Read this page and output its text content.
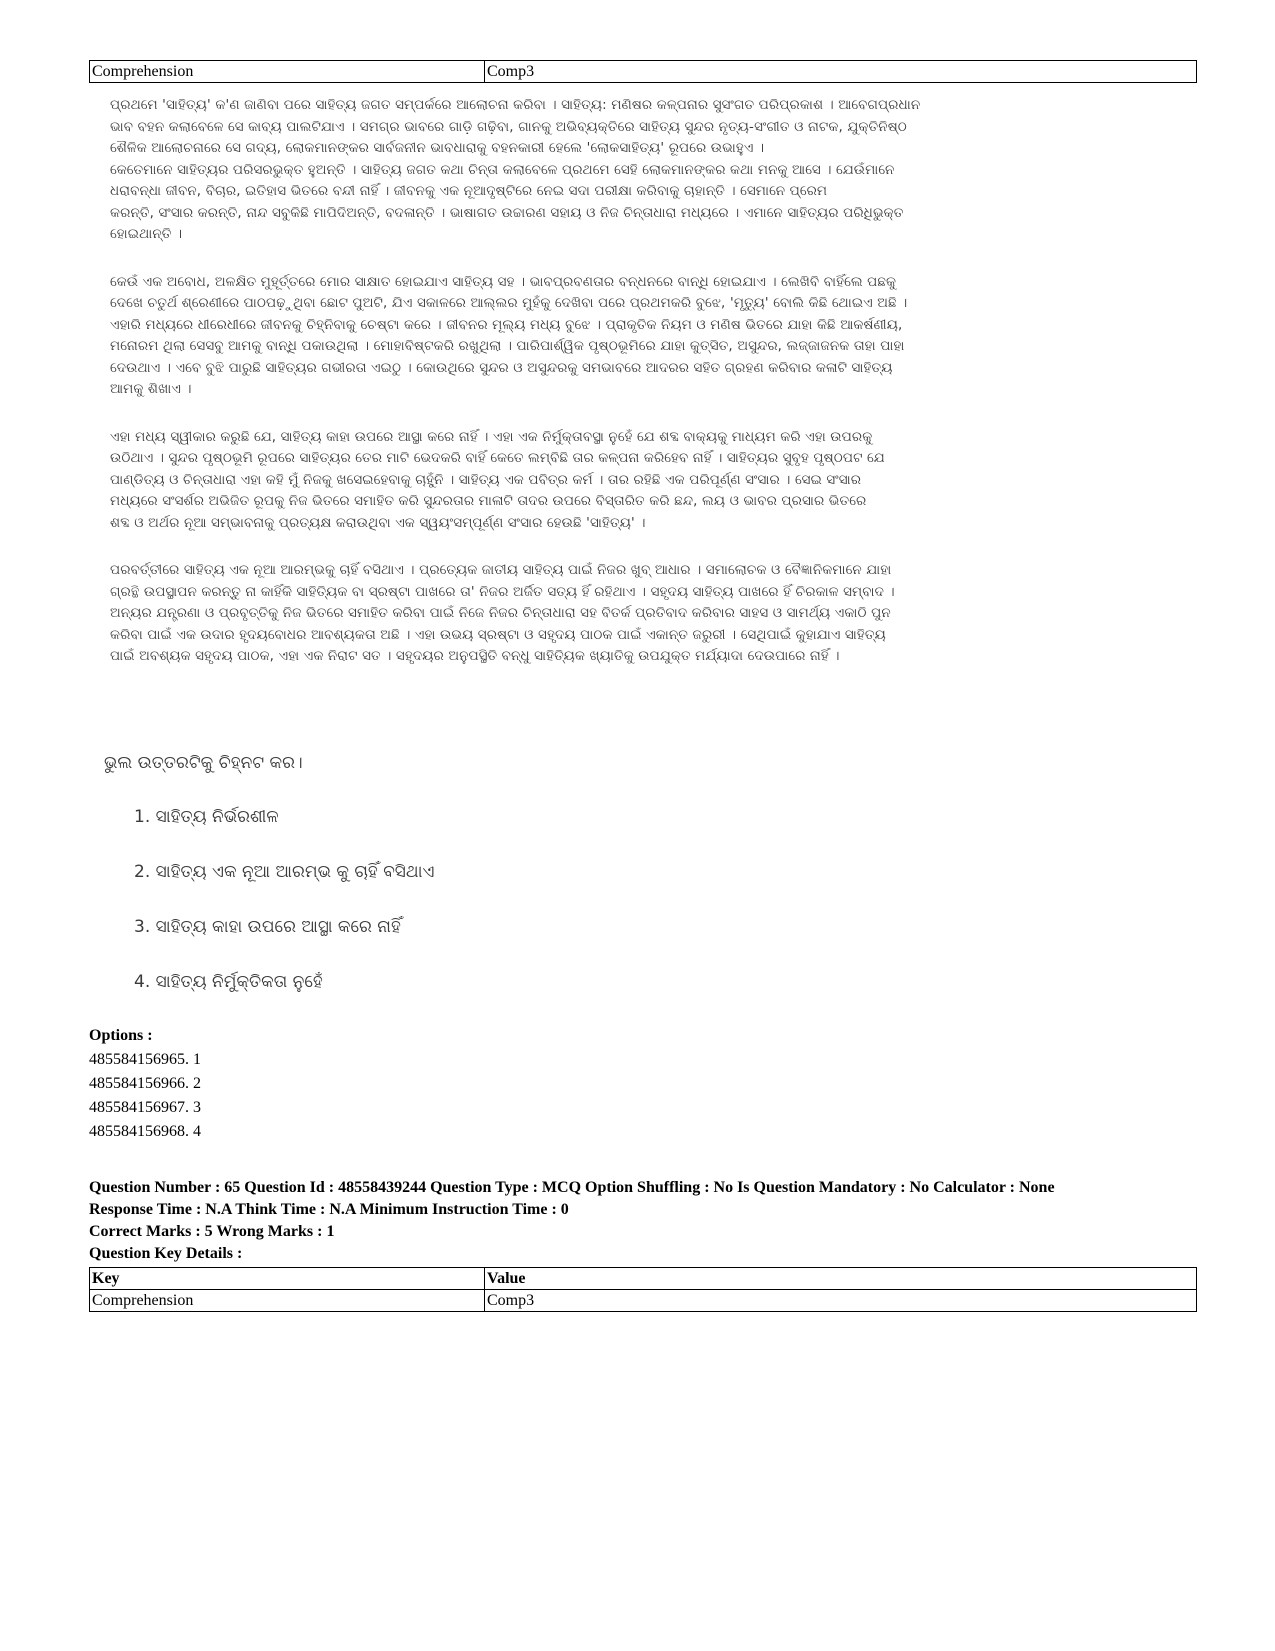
Comprehension	Comp3
ପ୍ରଥମେ 'ସାହିତ୍ୟ' କ'ଣ ଜାଣିବା ପରେ ସାହିତ୍ୟ ଜଗତ ସମ୍ପର୍କରେ ଆଲୋଚନା କରିବା । ସାହିତ୍ୟ: ମଣିଷର କଳ୍ପନାର ସୁସଂଗତ ପରିପ୍ରକାଶ । ଆବେଗପ୍ରଧାନ
ଭାବ ବହନ କଲାବେଳେ ସେ କାବ୍ୟ ପାଲଟିଯାଏ । ସମଗ୍ର ଭାବରେ ଗାଡ଼ି ଗଢ଼ିବା, ଗାନକୁ ଅଭିବ୍ୟକ୍ତିରେ ସାହିତ୍ୟ ସୁନ୍ଦର ନୃତ୍ୟ-ସଂଗୀତ ଓ ନାଟକ, ଯୁକ୍ତିନିଷ୍ଠ
ଶୈଳିକ ଆଲୋଚନାରେ ସେ ଗଦ୍ୟ, ଲୋକମାନଙ୍କର ସାର୍ବଜନୀନ ଭାବଧାରାକୁ ବହନକାରୀ ହେଲେ 'ଲୋକସାହିତ୍ୟ' ରୂପରେ ଉଭାହୁଏ ।
କେତେମାନେ ସାହିତ୍ୟର ପରିସରଭୁକ୍ତ ହୁଅନ୍ତି । ସାହିତ୍ୟ ଜଗତ କଥା ଚିନ୍ତା କଲାବେଳେ ପ୍ରଥମେ ସେହି ଲୋକମାନଙ୍କର କଥା ମନକୁ ଆସେ । ଯେଉଁମାନେ
ଧରାବନ୍ଧା ଜୀବନ, ବିଚାର, ଇତିହାସ ଭିତରେ ବନ୍ଦୀ ନାହିଁ । ଜୀବନକୁ ଏକ ନୂଆଦୃଷ୍ଟିରେ ନେଇ ସଦା ପରୀକ୍ଷା କରିବାକୁ ଚାହାନ୍ତି । ସେମାନେ ପ୍ରେମ
କରନ୍ତି, ସଂସାର କରନ୍ତି, ନାନ୍ଦ ସବୁକିଛି ମାପିଦିଅନ୍ତି, ବଦଳାନ୍ତି । ଭାଷାଗତ ଉଚ୍ଚାରଣ ସହାୟ ଓ ନିଜ ଚିନ୍ତାଧାରା ମଧ୍ୟରେ । ଏମାନେ ସାହିତ୍ୟର ପରିଧିଭୁକ୍ତ
ହୋଇଥାନ୍ତି ।
କେଉଁ ଏକ ଅବୋଧ, ଅଳକ୍ଷିତ ମୁହୂର୍ତ୍ତରେ ମୋର ସାକ୍ଷାତ ହୋଇଯାଏ ସାହିତ୍ୟ ସହ । ଭାବପ୍ରବଣତାର ବନ୍ଧନରେ ବାନ୍ଧି ହୋଇଯାଏ । ଲେଖିବି ବାହିଁଲେ ପଛକୁ
ଦେଖେ ଚତୁର୍ଥ ଶ୍ରେଣୀରେ ପାଠପଢ଼ୁଥିବା ଛୋଟ ପୁଅଟି, ଯିଏ ସକାଳରେ ଆଲ୍ଲର ମୁହଁକୁ ଦେଖିବା ପରେ ପ୍ରଥମକରି ବୁଝେ, 'ମୃତ୍ୟୁ' ବୋଲି କିଛି ଥୋଇଏ ଅଛି ।
ଏହାରି ମଧ୍ୟରେ ଧୀରେଧୀରେ ଜୀବନକୁ ଚିହ୍ନିବାକୁ ଚେଷ୍ଟା କରେ । ଜୀବନର ମୂଲ୍ୟ ମଧ୍ୟ ବୁଝେ । ପ୍ରାକୃତିକ ନିୟମ ଓ ମଣିଷ ଭିତରେ ଯାହା କିଛି ଆକର୍ଷଣୀୟ,
ମନୋରମ ଥିଲା ସେସବୁ ଆମକୁ ବାନ୍ଧି ପକାଉଥିଲା । ମୋହାବିଷ୍ଟକରି ରଖୁଥିଲା । ପାରିପାର୍ଶ୍ୱିକ ପୃଷ୍ଠଭୂମିରେ ଯାହା କୁତ୍ସିତ, ଅସୁନ୍ଦର, ଲଜ୍ଜାଜନକ ତାହା ପାହା
ଦେଉଥାଏ । ଏବେ ବୁଝି ପାରୁଛି ସାହିତ୍ୟର ଗଭୀରତା ଏଇଠୁ । କୋଉଥିରେ ସୁନ୍ଦର ଓ ଅସୁନ୍ଦରକୁ ସମଭାବରେ ଆଦରର ସହିତ ଗ୍ରହଣ କରିବାର କଳାଟି ସାହିତ୍ୟ
ଆମକୁ ଶିଖାଏ ।
ଏହା ମଧ୍ୟ ସ୍ୱୀକାର କରୁଛି ଯେ, ସାହିତ୍ୟ କାହା ଉପରେ ଆସ୍ଥା କରେ ନାହିଁ । ଏହା ଏକ ନିର୍ମୁକ୍ତାବସ୍ଥା ନୁହେଁ ଯେ ଶବ୍ଦ ବାକ୍ୟକୁ ମାଧ୍ୟମ କରି ଏହା ଉପରକୁ
ଉଠିଥାଏ । ସୁନ୍ଦର ପୃଷ୍ଠଭୂମି ରୂପରେ ସାହିତ୍ୟର ତେର ମାଟି ଭେଦକରି ବାହିଁ କେତେ ଲମ୍ବିଛି ତାର କଳ୍ପନା କରିହେବ ନାହିଁ । ସାହିତ୍ୟର ସୁବୃହ ପୃଷ୍ଠପଟ ଯେ
ପାଣ୍ଡିତ୍ୟ ଓ ଚିନ୍ତାଧାରା ଏହା କହି ମୁଁ ନିଜକୁ ଖସେଇହେବାକୁ ଚାହୁଁନି । ସାହିତ୍ୟ ଏକ ପବିତ୍ର କର୍ମ । ତାର ରହିଛି ଏକ ପରିପୂର୍ଣ୍ଣ ସଂସାର । ସେଇ ସଂସାର
ମଧ୍ୟରେ ସଂସର୍ଶର ଅଭିଜିତ ରୂପକୁ ନିଜ ଭିତରେ ସମାହିତ କରି ସୁନ୍ଦରତାର ମାଳାଟି ତାଦର ଉପରେ ବିସ୍ତାରିତ କରି ଛନ୍ଦ, ଲୟ ଓ ଭାବର ପ୍ରସାର ଭିତରେ
ଶବ୍ଦ ଓ ଅର୍ଥର ନୂଆ ସମ୍ଭାବନାକୁ ପ୍ରତ୍ୟକ୍ଷ କରାଉଥିବା ଏକ ସ୍ୱୟଂସମ୍ପୂର୍ଣ୍ଣ ସଂସାର ହେଉଛି 'ସାହିତ୍ୟ' ।
ପରବର୍ତ୍ତୀରେ ସାହିତ୍ୟ ଏକ ନୂଆ ଆରମ୍ଭକୁ ଚାହିଁ ବସିଥାଏ । ପ୍ରତ୍ୟେକ ଜାତୀୟ ସାହିତ୍ୟ ପାଇଁ ନିଜର ଖୁବ୍ ଆଧାର । ସମାଲୋଚକ ଓ ବୈଜ୍ଞାନିକମାନେ ଯାହା
ଗ୍ରନ୍ଥି ଉପସ୍ଥାପନ କରନ୍ତୁ ନା କାହିଁକି ସାହିତ୍ୟିକ ବା ସ୍ରଷ୍ଟା ପାଖରେ ତା' ନିଜର ଅର୍ଜିତ ସତ୍ୟ ହିଁ ରହିଥାଏ । ସହୃଦୟ ସାହିତ୍ୟ ପାଖରେ ହିଁ ଚିରକାଳ ସମ୍ବାଦ ।
ଅନ୍ୟର ଯନ୍ତ୍ରଣା ଓ ପ୍ରବୃତ୍ତିକୁ ନିଜ ଭିତରେ ସମାହିତ କରିବା ପାଇଁ ନିଜେ ନିଜର ଚିନ୍ତାଧାରା ସହ ବିତର୍କ ପ୍ରତିବାଦ କରିବାର ସାହସ ଓ ସାମର୍ଥ୍ୟ ଏକାଠି ପୁନ
କରିବା ପାଇଁ ଏକ ଉଦାର ହୃଦୟବୋଧର ଆବଶ୍ୟକତା ଅଛି । ଏହା ଉଭୟ ସ୍ରଷ୍ଟା ଓ ସହୃଦୟ ପାଠକ ପାଇଁ ଏକାନ୍ତ ଜରୁରୀ । ସେଥିପାଇଁ କୁହାଯାଏ ସାହିତ୍ୟ
ପାଇଁ ଅବଶ୍ୟକ ସହୃଦୟ ପାଠକ, ଏହା ଏକ ନିରାଟ ସତ । ସହୃଦୟର ଅନୁପସ୍ଥିତି ବନ୍ଧୁ ସାହିତ୍ୟିକ ଖ୍ୟାତିକୁ ଉପଯୁକ୍ତ ମର୍ଯ୍ୟାଦା ଦେଉପାରେ ନାହିଁ ।
ଭୁଲ ଉତ୍ତରଟିକୁ ଚିହ୍ନଟ କର।
1. ସାହିତ୍ୟ ନିର୍ଭରଶୀଳ
2. ସାହିତ୍ୟ ଏକ ନୂଆ ଆରମ୍ଭ କୁ ଚାହିଁ ବସିଥାଏ
3. ସାହିତ୍ୟ କାହା ଉପରେ ଆସ୍ଥା କରେ ନାହିଁ
4. ସାହିତ୍ୟ ନିର୍ମୁକ୍ତିକତା ନୁହେଁ
Options :
485584156965. 1
485584156966. 2
485584156967. 3
485584156968. 4
Question Number : 65 Question Id : 48558439244 Question Type : MCQ Option Shuffling : No Is Question Mandatory : No Calculator : None
Response Time : N.A Think Time : N.A Minimum Instruction Time : 0
Correct Marks : 5 Wrong Marks : 1
Question Key Details :
Key	Value
Comprehension	Comp3
